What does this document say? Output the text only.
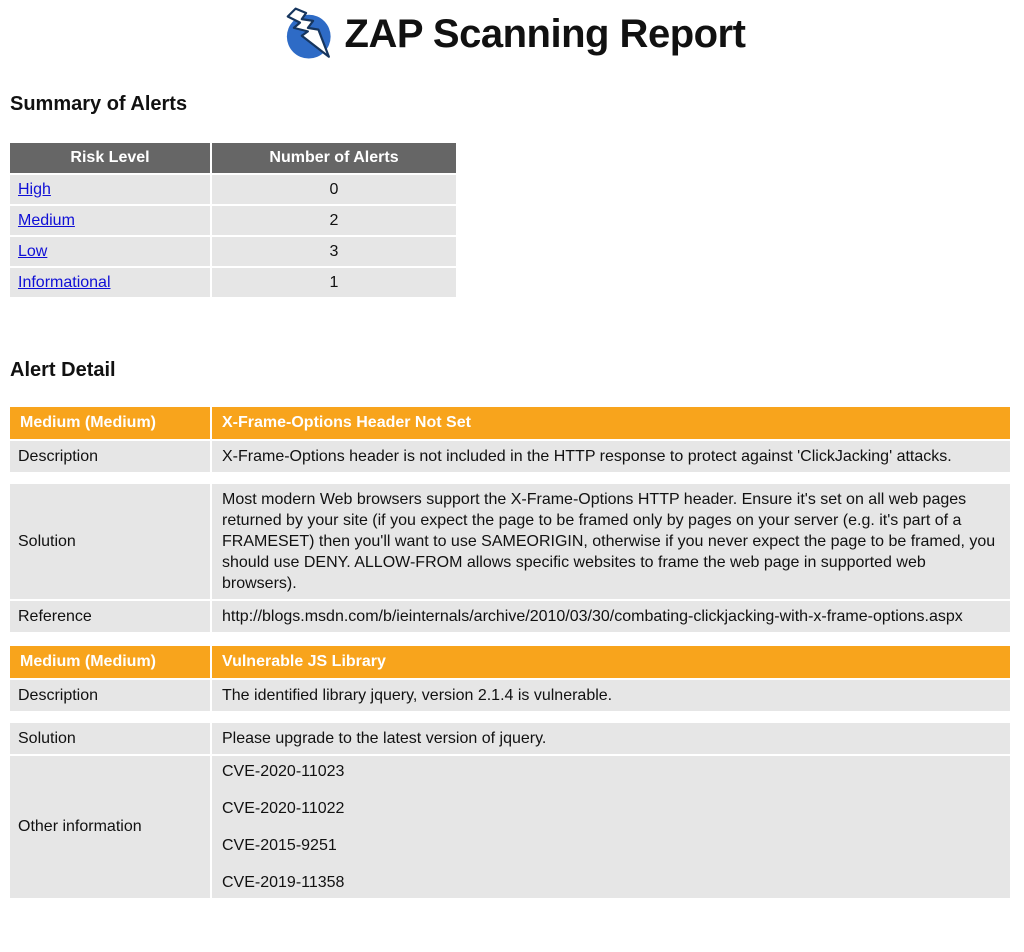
ZAP Scanning Report
Summary of Alerts
Risk Level	Number of Alerts
High	0
Medium	2
Low	3
Informational	1
Alert Detail
Medium (Medium)	X-Frame-Options Header Not Set
Description	X-Frame-Options header is not included in the HTTP response to protect against 'ClickJacking' attacks.

Solution	Most modern Web browsers support the X-Frame-Options HTTP header. Ensure it's set on all web pages returned by your site (if you expect the page to be framed only by pages on your server (e.g. it's part of a FRAMESET) then you'll want to use SAMEORIGIN, otherwise if you never expect the page to be framed, you should use DENY. ALLOW-FROM allows specific websites to frame the web page in supported web browsers).
Reference	http://blogs.msdn.com/b/ieinternals/archive/2010/03/30/combating-clickjacking-with-x-frame-options.aspx
Medium (Medium)	Vulnerable JS Library
Description	The identified library jquery, version 2.1.4 is vulnerable.

Solution	Please upgrade to the latest version of jquery.
Other information	CVE-2020-11023

CVE-2020-11022

CVE-2015-9251

CVE-2019-11358
